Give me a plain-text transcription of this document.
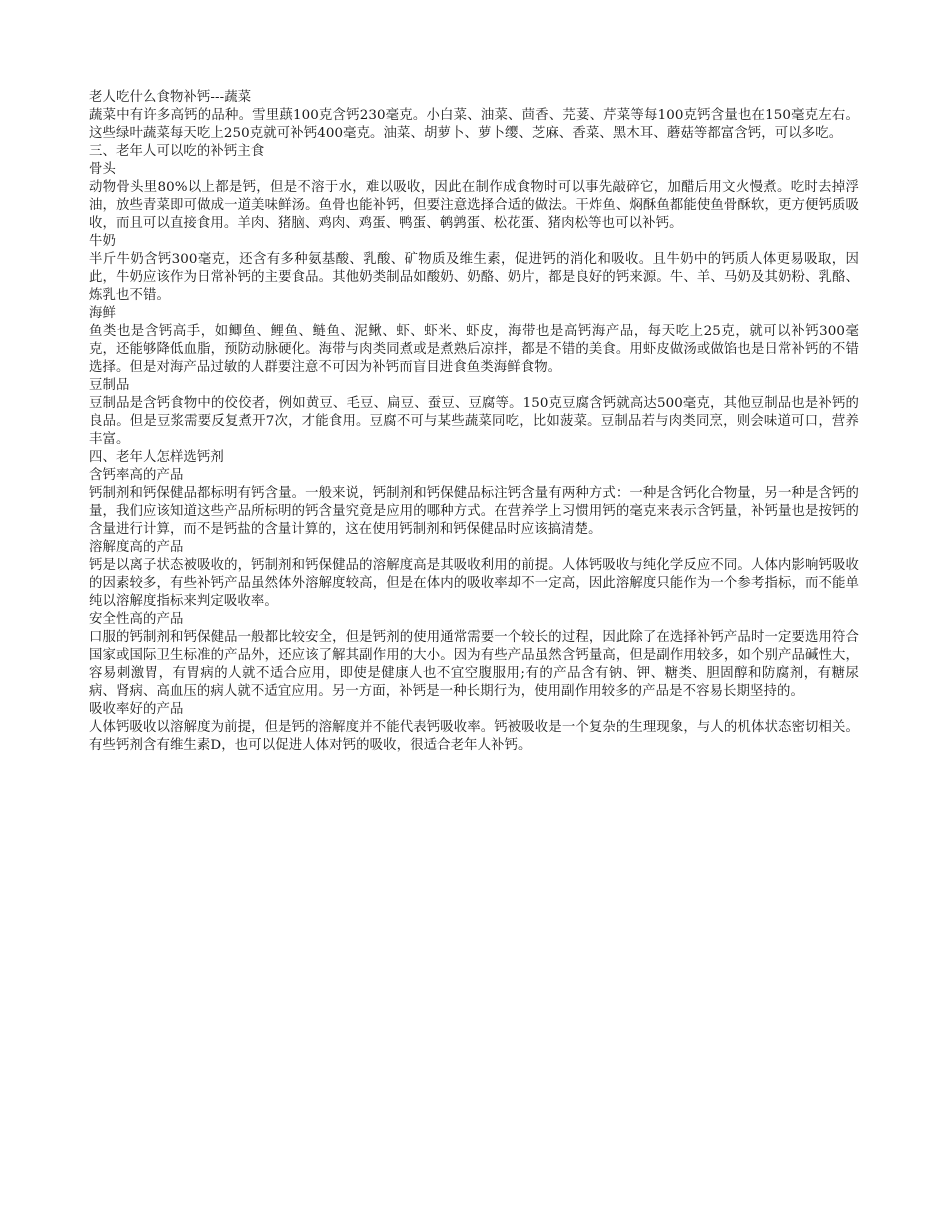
老人吃什么食物补钙---蔬菜

蔬菜中有许多高钙的品种。雪里蕻100克含钙230毫克。小白菜、油菜、茴香、芫荽、芹菜等每100克钙含量也在150毫克左右。这些绿叶蔬菜每天吃上250克就可补钙400毫克。油菜、胡萝卜、萝卜缨、芝麻、香菜、黑木耳、蘑菇等都富含钙，可以多吃。

三、老年人可以吃的补钙主食

骨头

动物骨头里80%以上都是钙，但是不溶于水，难以吸收，因此在制作成食物时可以事先敲碎它，加醋后用文火慢煮。吃时去掉浮油，放些青菜即可做成一道美味鲜汤。鱼骨也能补钙，但要注意选择合适的做法。干炸鱼、焖酥鱼都能使鱼骨酥软，更方便钙质吸收，而且可以直接食用。羊肉、猪脑、鸡肉、鸡蛋、鸭蛋、鹌鹑蛋、松花蛋、猪肉松等也可以补钙。

牛奶

半斤牛奶含钙300毫克，还含有多种氨基酸、乳酸、矿物质及维生素，促进钙的消化和吸收。且牛奶中的钙质人体更易吸取，因此，牛奶应该作为日常补钙的主要食品。其他奶类制品如酸奶、奶酪、奶片，都是良好的钙来源。牛、羊、马奶及其奶粉、乳酪、炼乳也不错。

海鲜

鱼类也是含钙高手，如鲫鱼、鲤鱼、鲢鱼、泥鳅、虾、虾米、虾皮，海带也是高钙海产品，每天吃上25克，就可以补钙300毫克，还能够降低血脂，预防动脉硬化。海带与肉类同煮或是煮熟后凉拌，都是不错的美食。用虾皮做汤或做馅也是日常补钙的不错选择。但是对海产品过敏的人群要注意不可因为补钙而盲目进食鱼类海鲜食物。

豆制品

豆制品是含钙食物中的佼佼者，例如黄豆、毛豆、扁豆、蚕豆、豆腐等。150克豆腐含钙就高达500毫克，其他豆制品也是补钙的良品。但是豆浆需要反复煮开7次，才能食用。豆腐不可与某些蔬菜同吃，比如菠菜。豆制品若与肉类同烹，则会味道可口，营养丰富。

四、老年人怎样选钙剂

含钙率高的产品

钙制剂和钙保健品都标明有钙含量。一般来说，钙制剂和钙保健品标注钙含量有两种方式：一种是含钙化合物量，另一种是含钙的量，我们应该知道这些产品所标明的钙含量究竟是应用的哪种方式。在营养学上习惯用钙的毫克来表示含钙量，补钙量也是按钙的含量进行计算，而不是钙盐的含量计算的，这在使用钙制剂和钙保健品时应该搞清楚。

溶解度高的产品

钙是以离子状态被吸收的，钙制剂和钙保健品的溶解度高是其吸收利用的前提。人体钙吸收与纯化学反应不同。人体内影响钙吸收的因素较多，有些补钙产品虽然体外溶解度较高，但是在体内的吸收率却不一定高，因此溶解度只能作为一个参考指标，而不能单纯以溶解度指标来判定吸收率。

安全性高的产品

口服的钙制剂和钙保健品一般都比较安全，但是钙剂的使用通常需要一个较长的过程，因此除了在选择补钙产品时一定要选用符合国家或国际卫生标准的产品外，还应该了解其副作用的大小。因为有些产品虽然含钙量高，但是副作用较多，如个别产品碱性大，容易刺激胃，有胃病的人就不适合应用，即使是健康人也不宜空腹服用;有的产品含有钠、钾、糖类、胆固醇和防腐剂，有糖尿病、肾病、高血压的病人就不适宜应用。另一方面，补钙是一种长期行为，使用副作用较多的产品是不容易长期坚持的。

吸收率好的产品

人体钙吸收以溶解度为前提，但是钙的溶解度并不能代表钙吸收率。钙被吸收是一个复杂的生理现象，与人的机体状态密切相关。有些钙剂含有维生素D，也可以促进人体对钙的吸收，很适合老年人补钙。
